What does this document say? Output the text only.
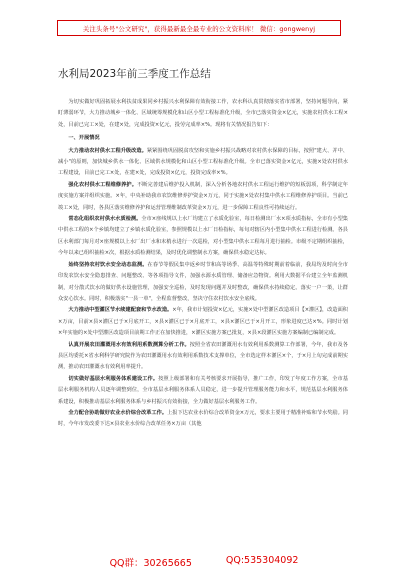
关注头条号"公文研究"，获得最新最全最专业的公文资料库！ 微信：gongwenyj
水利局2023年前三季度工作总结

为切实做好巩固拓展水利扶贫成果同乡村振兴水利保障有效衔接工作，农水科认真贯彻落实省市部署，坚持问题导向，紧盯薄弱环节，大力推动城乡一体化、区域统筹规模化和山区小型工程标准化升级，全市已落实资金×亿元，实施农村供水工程×处，目前已完工×处，在建×处，完成投资×亿元，投劳完成率×%。现将有关情况报告如下：

一、开展情况

大力推动农村供水工程升级改造。紧紧围绕巩固脱贫攻坚和实施乡村振兴战略对农村供水保障的目标，按照"建大、并中、减小"的原则，加快城乡供水一体化、区域供水规模化和山区小型工程标准化升级。全市已落实资金×亿元，实施×处农村供水工程建设，目前已完工×处，在建×处，完成投资×亿元，投资完成率×%。

强化农村供水工程维修养护。不断完善建后维护投入机制，深入分析各地农村供水工程运行维护的短板弱项，科学制定年度实施方案并组织实施。×年，中央补助我市农饮维修养护资金×万元，同于实施×处农村集中供水工程维修养护项目。当前已竣工×处，同时，各县区落实维修养护和运营管理维制改革资金×万元，进一步保障工程良性可持续运行。

常态化组织农村供水水质检测。全市×座线规以上水厂均建立了水质化验室，每日检测出厂水×项水质指标，全市有小型集中供水工程的×个乡镇均建立了乡镇水质化验室，参照规模以上水厂日检指标，每旬对辖区内小型集中供水工程进行检测。各县区水利部门每月对×座规模以上水厂出厂水和末梢水进行一次巡检，对小型集中供水工程每月进行抽检。市级不定期组织抽检，今年以来已组织抽检×次，根据水质检测结果，及时优化调整制水方案，确保供水稳定达标。

始终坚持农村饮水安全动态监测。在春节等假民集中返乡时节和高等场季、高温等特殊时期前着临前，我局均及时向全市印发农饮水安全隐患排查、问题整改、等各项指导文件，加强水源水质管理、储备应急物资。利用大数据平台建立全年监测机制，对分散式饮水的做好供水设施管理，加强安全巡检，及时发现问题并及时整改，确保供水持续稳定。落实一户一策，让群众安心饮水。同时，积极落实"一县一单"，全程监督整改，坚决守住农村饮水安全底线。

大力推动中型灌区节水续建配套和节水改造。×年，我市计划投资×亿元，实施×处中型灌区改造项目【×灌区】，改造面积×万亩，目前×县×灌区已于×月底开工，×县×灌区已于×月底开工，×县×灌区已于×月开工，形象进度已达×%。同时计划×年实施的×处中型灌区改造项目前期工作正在加快推进，×灌区实施方案已批复，×县×段灌区实施方案编制已编制完成。

认真开展农田灌溉用水有效利用系数测算分析工作。按照全省农田灌溉用水有效利用系数测算工作部署，今年，我市及各县区均委托×省水利科学研究院作为农田灌溉用水有效利用系数技术支撑单位，全市选定样本灌区×个，于×月上旬完成前期实测，推动农田灌溉水有效利用率提升。

切实做好基层水利服务体系建设工作。按照上级部署和有关考核要求开展指导，推广工作，印发了年度工作方案，全市基层水利服务机构人员逐年调整到位，全市基层水利服务体系人员稳定，进一步提升管理服务能力和水平，规范基层水利服务体系建设，积极推动基层水利服务体系与乡村振兴有效衔接，全力做好基层水利服务工作。

全力配合协助做好农业水价综合改革工作。上报下达农业水价综合改革资金×万元，要求主要用于精准补贴和节水奖励。同时，今年市发改委下达×县农业水价综合改革任务×万亩（其他

QQ群：30265665	QQ:535304092
